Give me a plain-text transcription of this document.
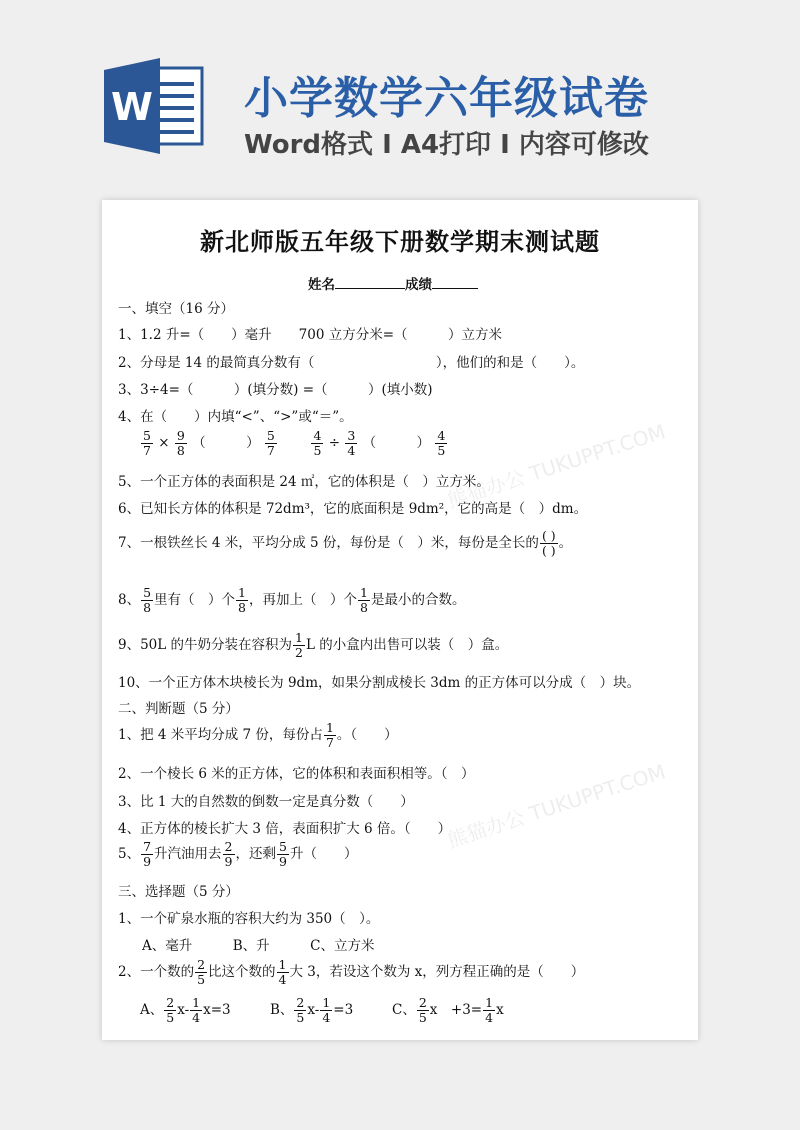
W 小学数学六年级试卷
Word格式 I A4打印 I 内容可修改
熊猫办公 TUKUPPT.COM
熊猫办公 TUKUPPT.COM
新北师版五年级下册数学期末测试题
姓名	成绩
一、填空（16 分）
1、1.2 升=（　　）毫升　　700 立方分米=（　　　）立方米
2、分母是 14 的最简真分数有（　　　　　　　　　），他们的和是（　　）。
3、3÷4=（　　　）(填分数) =（　　　）(填小数)
4、在（　　）内填“<”、“>”或“＝”。
$\frac{5}{7} \times \frac{9}{8}$ （　　　） $\frac{5}{7}$
	$\frac{4}{5} \div \frac{3}{4}$ （　　　） $\frac{4}{5}$
5、一个正方体的表面积是 24 ㎡，它的体积是（　）立方米。
6、已知长方体的体积是 72dm³，它的底面积是 9dm²，它的高是（　）dm。
7、一根铁丝长 4 米，平均分成 5 份，每份是（　）米，每份是全长的 ( )
( ) 。
8、 $\frac{5}{8}$ 里有（　）个 $\frac{1}{8}$ ，再加上（　）个 $\frac{1}{8}$ 是最小的合数。
9、50L 的牛奶分装在容积为 $\frac{1}{2}$ L 的小盒内出售可以装（　）盒。
10、一个正方体木块棱长为 9dm，如果分割成棱长 3dm 的正方体可以分成（　）块。
二、判断题（5 分）
1、把 4 米平均分成 7 份，每份占 $\frac{1}{7}$ 。（　　）
2、一个棱长 6 米的正方体，它的体积和表面积相等。（　）
3、比 1 大的自然数的倒数一定是真分数（　　）
4、正方体的棱长扩大 3 倍，表面积扩大 6 倍。（　　）
5、 $\frac{7}{9}$ 升汽油用去 $\frac{2}{9}$ ，还剩 $\frac{5}{9}$ 升（　　）
三、选择题（5 分）
1、一个矿泉水瓶的容积大约为 350（　）。
A、毫升　　　B、升　　　C、立方米
2、一个数的 $\frac{2}{5}$ 比这个数的 $\frac{1}{4}$ 大 3，若设这个数为 x，列方程正确的是（　　）
A、 $\frac{2}{5} x- \frac{1}{4} x=3$	B、 $\frac{2}{5} x- \frac{1}{4} =3$	C、 $\frac{2}{5}$ x　$+3= \frac{1}{4}$ x
